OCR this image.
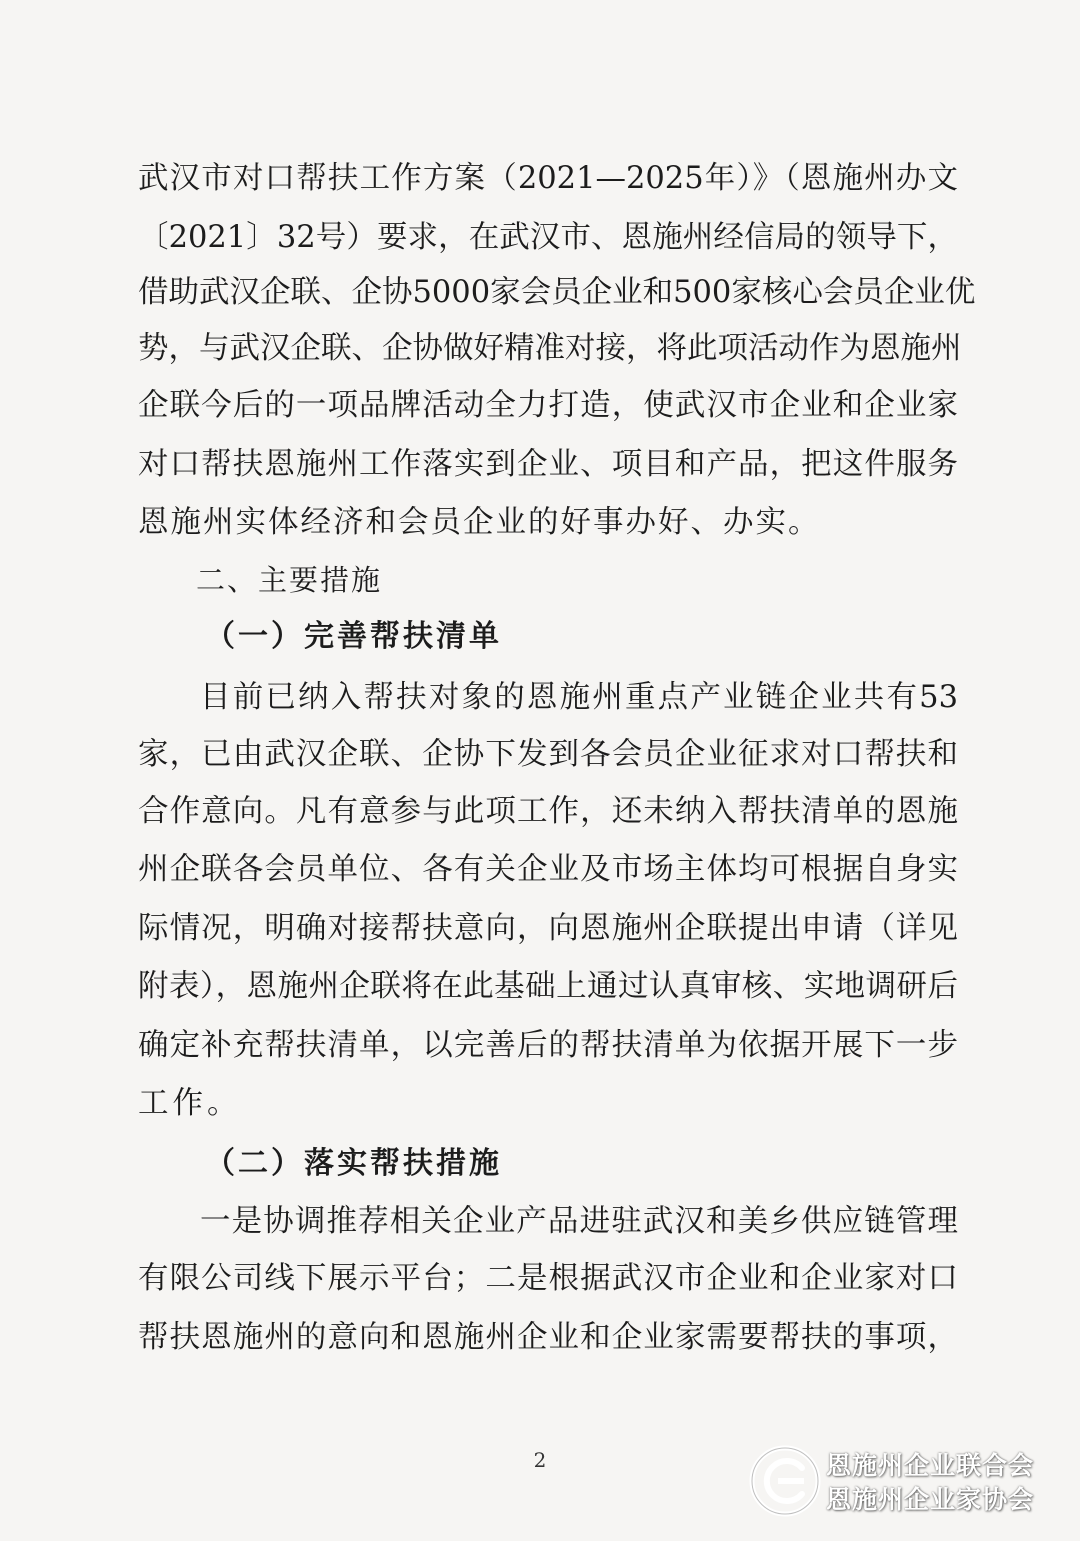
武汉市对口帮扶工作方案（2021—2025年）》（恩施州办文
〔2021〕32号）要求，在武汉市、恩施州经信局的领导下，
借助武汉企联、企协5000家会员企业和500家核心会员企业优
势，与武汉企联、企协做好精准对接，将此项活动作为恩施州
企联今后的一项品牌活动全力打造，使武汉市企业和企业家
对口帮扶恩施州工作落实到企业、项目和产品，把这件服务
恩施州实体经济和会员企业的好事办好、办实。
二、主要措施
（一）完善帮扶清单
目前已纳入帮扶对象的恩施州重点产业链企业共有53
家，已由武汉企联、企协下发到各会员企业征求对口帮扶和
合作意向。凡有意参与此项工作，还未纳入帮扶清单的恩施
州企联各会员单位、各有关企业及市场主体均可根据自身实
际情况，明确对接帮扶意向，向恩施州企联提出申请（详见
附表），恩施州企联将在此基础上通过认真审核、实地调研后
确定补充帮扶清单，以完善后的帮扶清单为依据开展下一步
工作。
（二）落实帮扶措施
一是协调推荐相关企业产品进驻武汉和美乡供应链管理
有限公司线下展示平台；二是根据武汉市企业和企业家对口
帮扶恩施州的意向和恩施州企业和企业家需要帮扶的事项，
2	恩施州企业联合会
恩施州企业家协会
